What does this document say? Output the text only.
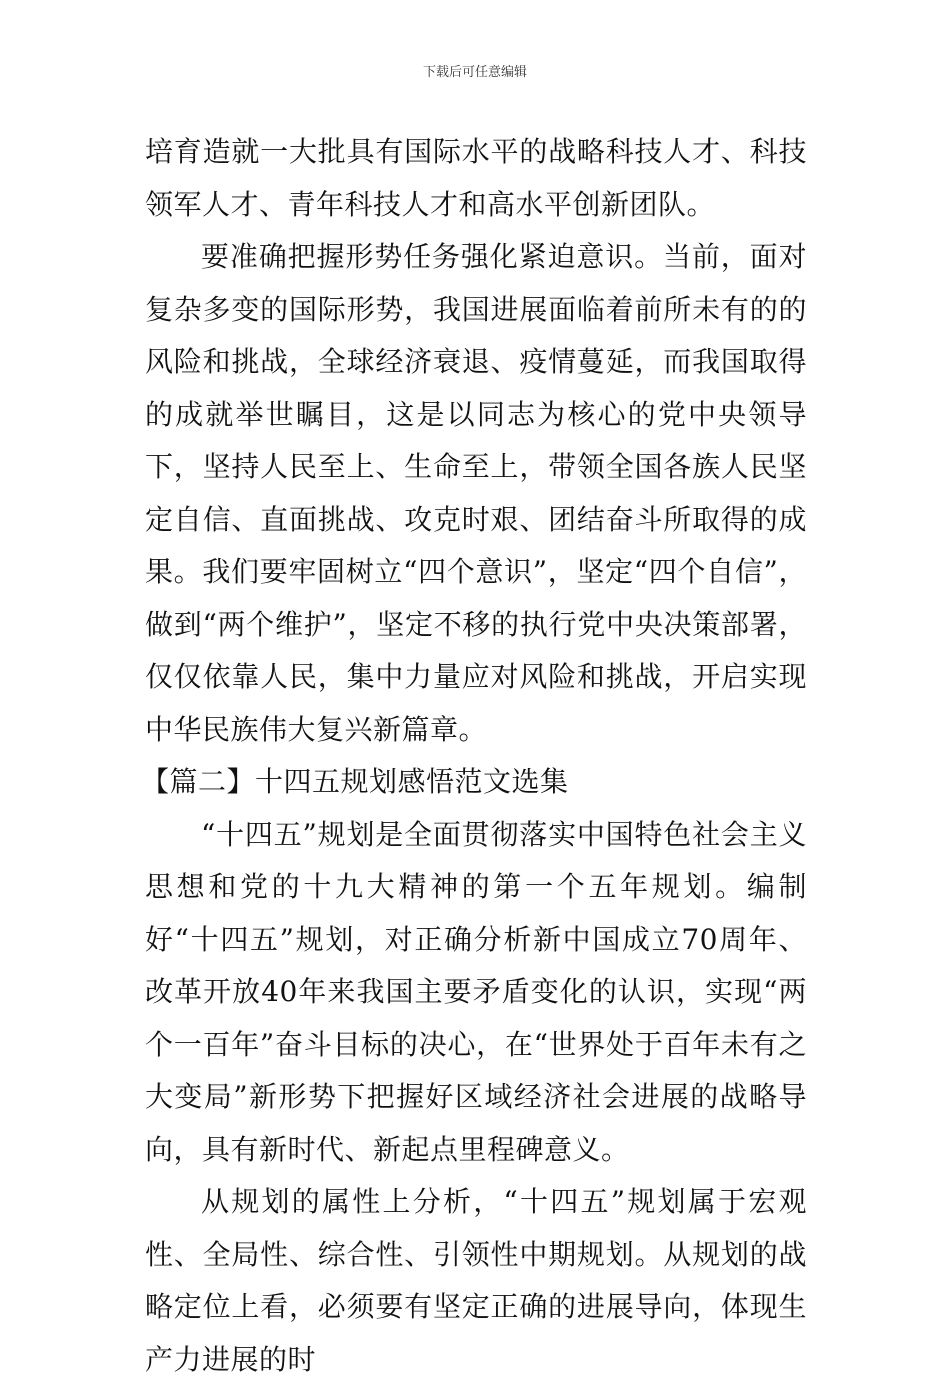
下载后可任意编辑

培育造就一大批具有国际水平的战略科技人才、科技领军人才、青年科技人才和高水平创新团队。

要准确把握形势任务强化紧迫意识。当前，面对复杂多变的国际形势，我国进展面临着前所未有的的风险和挑战，全球经济衰退、疫情蔓延，而我国取得的成就举世瞩目，这是以同志为核心的党中央领导下，坚持人民至上、生命至上，带领全国各族人民坚定自信、直面挑战、攻克时艰、团结奋斗所取得的成果。我们要牢固树立“四个意识”，坚定“四个自信”，做到“两个维护”，坚定不移的执行党中央决策部署，仅仅依靠人民，集中力量应对风险和挑战，开启实现中华民族伟大复兴新篇章。

【篇二】十四五规划感悟范文选集

“十四五”规划是全面贯彻落实中国特色社会主义思想和党的十九大精神的第一个五年规划。编制好“十四五”规划，对正确分析新中国成立70周年、改革开放40年来我国主要矛盾变化的认识，实现“两个一百年”奋斗目标的决心，在“世界处于百年未有之大变局”新形势下把握好区域经济社会进展的战略导向，具有新时代、新起点里程碑意义。

从规划的属性上分析，“十四五”规划属于宏观性、全局性、综合性、引领性中期规划。从规划的战略定位上看，必须要有坚定正确的进展导向，体现生产力进展的时
